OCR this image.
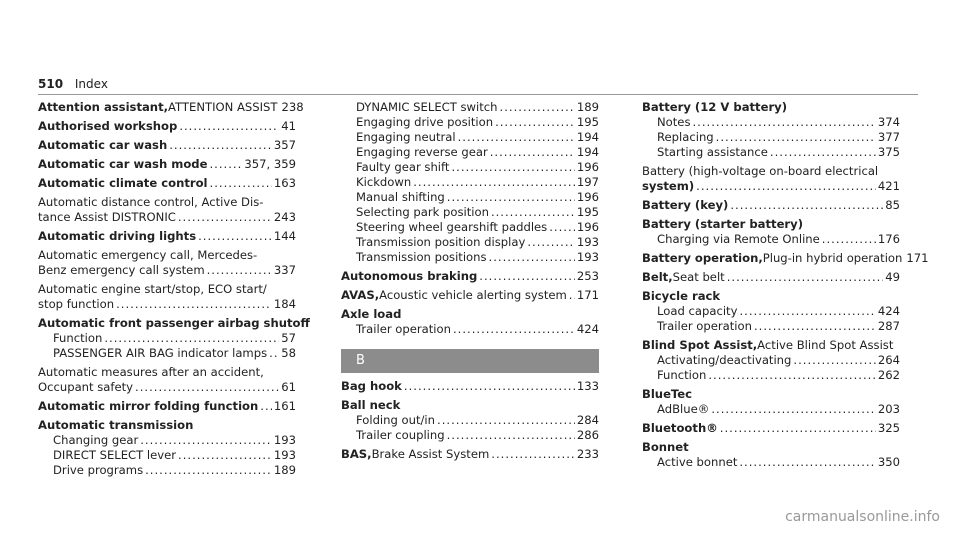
510 Index
Attention assistant, ATTENTION ASSIST 238
Authorised workshop .....	41
Automatic car wash .....	357
Automatic car wash mode .....	357, 359
Automatic climate control .....	163
Automatic distance control, Active Dis-
tance Assist DISTRONIC .....	243
Automatic driving lights .....	144
Automatic emergency call, Mercedes-
Benz emergency call system .....	337
Automatic engine start/stop, ECO start/
stop function .....	184
Automatic front passenger airbag shutoff
Function .....	57
PASSENGER AIR BAG indicator lamps ..... 58
Automatic measures after an accident,
Occupant safety .....	61
Automatic mirror folding function ..... 161
Automatic transmission
Changing gear .....	193
DIRECT SELECT lever .....	193
Drive programs .....	189
DYNAMIC SELECT switch .....	189
Engaging drive position .....	195
Engaging neutral .....	194
Engaging reverse gear .....	194
Faulty gear shift .....	196
Kickdown .....	197
Manual shifting .....	196
Selecting park position .....	195
Steering wheel gearshift paddles .....	196
Transmission position display .....	193
Transmission positions .....	193
Autonomous braking .....	253
AVAS, Acoustic vehicle alerting system ..... 171
Axle load
Trailer operation .....	424
B
Bag hook .....	133
Ball neck
Folding out/in .....	284
Trailer coupling .....	286
BAS, Brake Assist System .....	233
Battery (12 V battery)
Notes .....	374
Replacing .....	377
Starting assistance .....	375
Battery (high-voltage on-board electrical
system) .....	421
Battery (key) .....	85
Battery (starter battery)
Charging via Remote Online .....	176
Battery operation, Plug-in hybrid operation 171
Belt, Seat belt .....	49
Bicycle rack
Load capacity .....	424
Trailer operation .....	287
Blind Spot Assist, Active Blind Spot Assist
Activating/deactivating .....	264
Function .....	262
BlueTec
AdBlue® .....	203
Bluetooth® .....	325
Bonnet
Active bonnet .....	350
carmanualsonline.info
